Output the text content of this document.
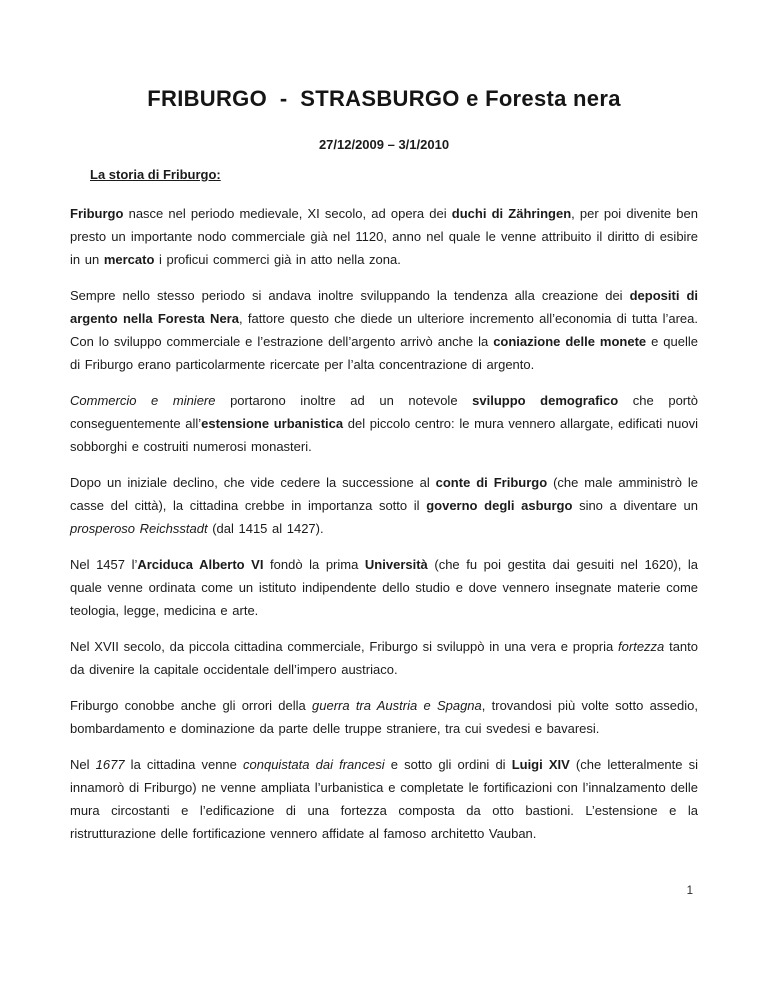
FRIBURGO  -  STRASBURGO e Foresta nera
27/12/2009 – 3/1/2010
La storia di Friburgo:

Friburgo nasce nel periodo medievale, XI secolo, ad opera dei duchi di Zähringen, per poi divenite ben presto un importante nodo commerciale già nel 1120, anno nel quale le venne attribuito il diritto di esibire in un mercato i proficui commerci già in atto nella zona.

Sempre nello stesso periodo si andava inoltre sviluppando la tendenza alla creazione dei depositi di argento nella Foresta Nera, fattore questo che diede un ulteriore incremento all’economia di tutta l’area. Con lo sviluppo commerciale e l’estrazione dell’argento arrivò anche la coniazione delle monete e quelle di Friburgo erano particolarmente ricercate per l’alta concentrazione di argento.

Commercio e miniere portarono inoltre ad un notevole sviluppo demografico che portò conseguentemente all’estensione urbanistica del piccolo centro: le mura vennero allargate, edificati nuovi sobborghi e costruiti numerosi monasteri.

Dopo un iniziale declino, che vide cedere la successione al conte di Friburgo (che male amministrò le casse del città), la cittadina crebbe in importanza sotto il governo degli asburgo sino a diventare un prosperoso Reichsstadt (dal 1415 al 1427).

Nel 1457 l’Arciduca Alberto VI fondò la prima Università (che fu poi gestita dai gesuiti nel 1620), la quale venne ordinata come un istituto indipendente dello studio e dove vennero insegnate materie come teologia, legge, medicina e arte.

Nel XVII secolo, da piccola cittadina commerciale, Friburgo si sviluppò in una vera e propria fortezza tanto da divenire la capitale occidentale dell’impero austriaco.

Friburgo conobbe anche gli orrori della guerra tra Austria e Spagna, trovandosi più volte sotto assedio, bombardamento e dominazione da parte delle truppe straniere, tra cui svedesi e bavaresi.

Nel 1677 la cittadina venne conquistata dai francesi e sotto gli ordini di Luigi XIV (che letteralmente si innamorò di Friburgo) ne venne ampliata l’urbanistica e completate le fortificazioni con l’innalzamento delle mura circostanti e l’edificazione di una fortezza composta da otto bastioni. L’estensione e la ristrutturazione delle fortificazione vennero affidate al famoso architetto Vauban.

1
